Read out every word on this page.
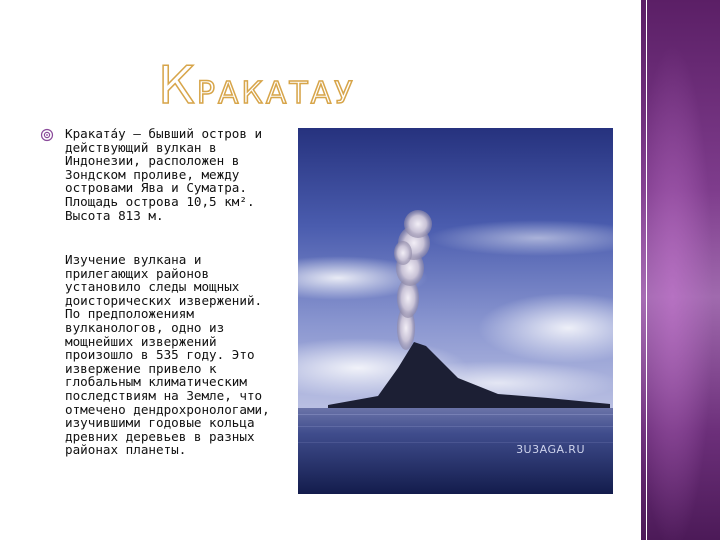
К РАКАТАУ

Краката́у — бывший остров и
действующий вулкан в
Индонезии, расположен в
Зондском проливе, между
островами Ява и Суматра.
Площадь острова 10,5 км².
Высота 813 м.

Изучение вулкана и
прилегающих районов
установило следы мощных
доисторических извержений.
По предположениям
вулканологов, одно из
мощнейших извержений
произошло в 535 году. Это
извержение привело к
глобальным климатическим
последствиям на Земле, что
отмечено дендрохронологами,
изучившими годовые кольца
древних деревьев в разных
районах планеты.	3U3AGA.RU
